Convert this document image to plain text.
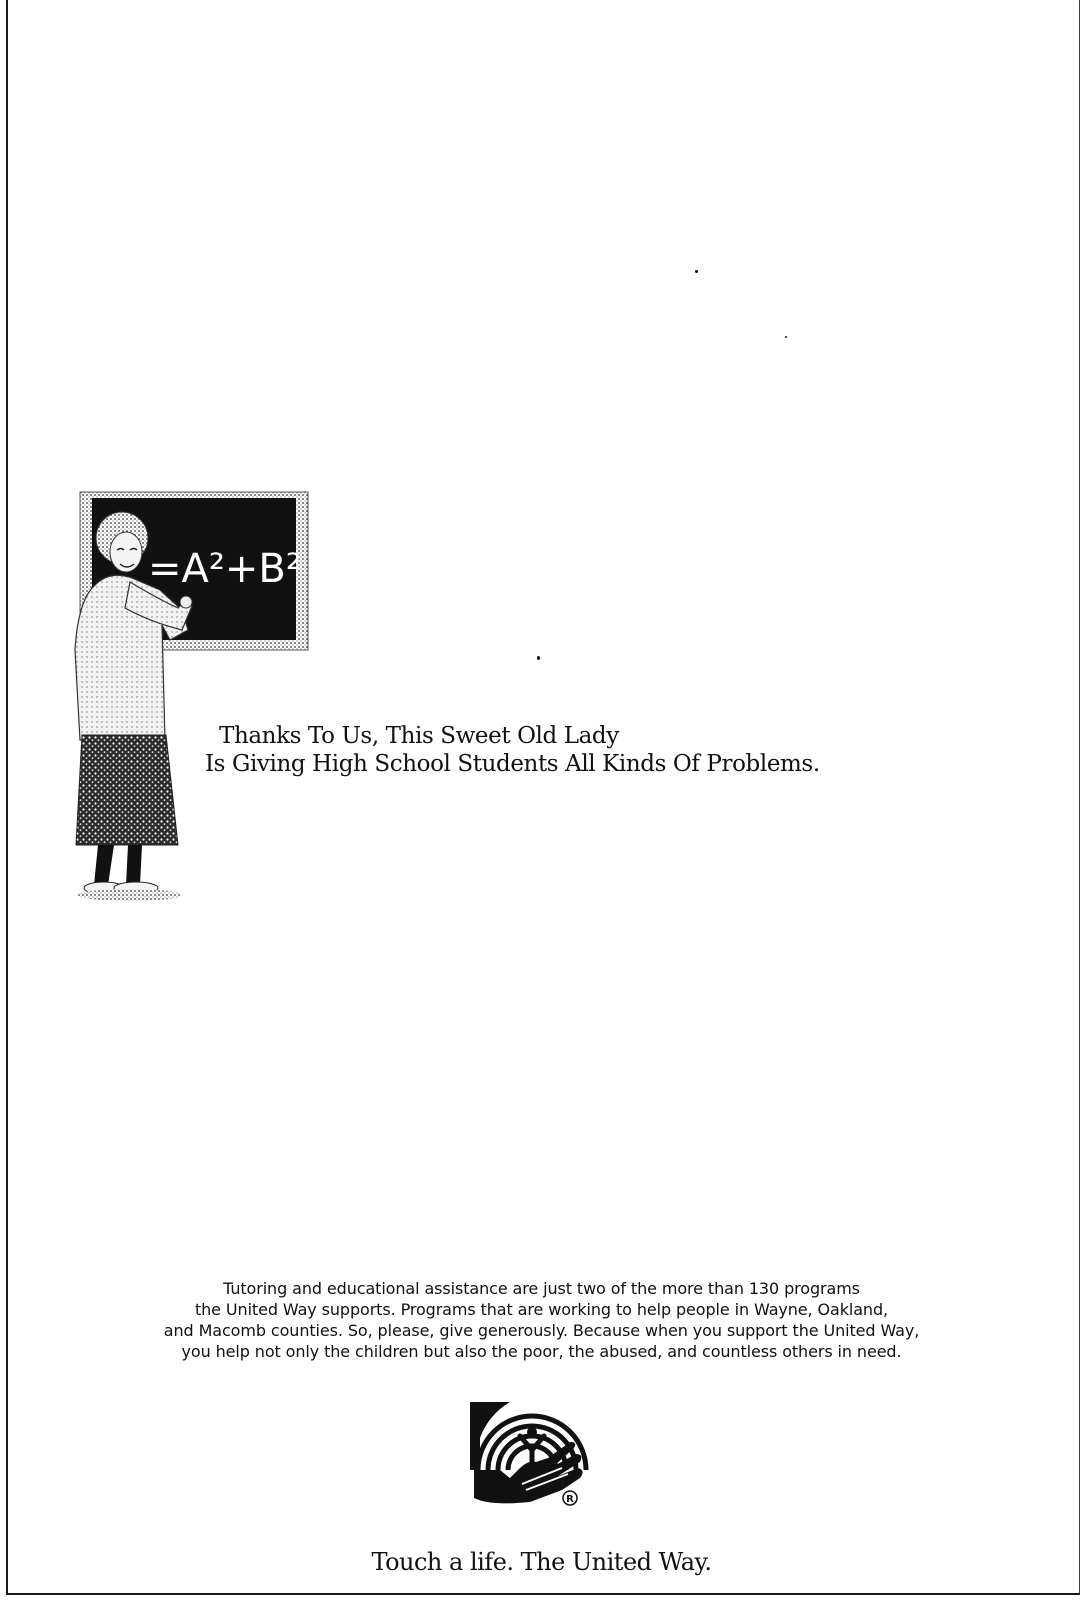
=A²+B²
Thanks To Us, This Sweet Old Lady
Is Giving High School Students All Kinds Of Problems.
Tutoring and educational assistance are just two of the more than 130 programs
the United Way supports. Programs that are working to help people in Wayne, Oakland,
and Macomb counties. So, please, give generously. Because when you support the United Way,
you help not only the children but also the poor, the abused, and countless others in need.
R
Touch a life. The United Way.
